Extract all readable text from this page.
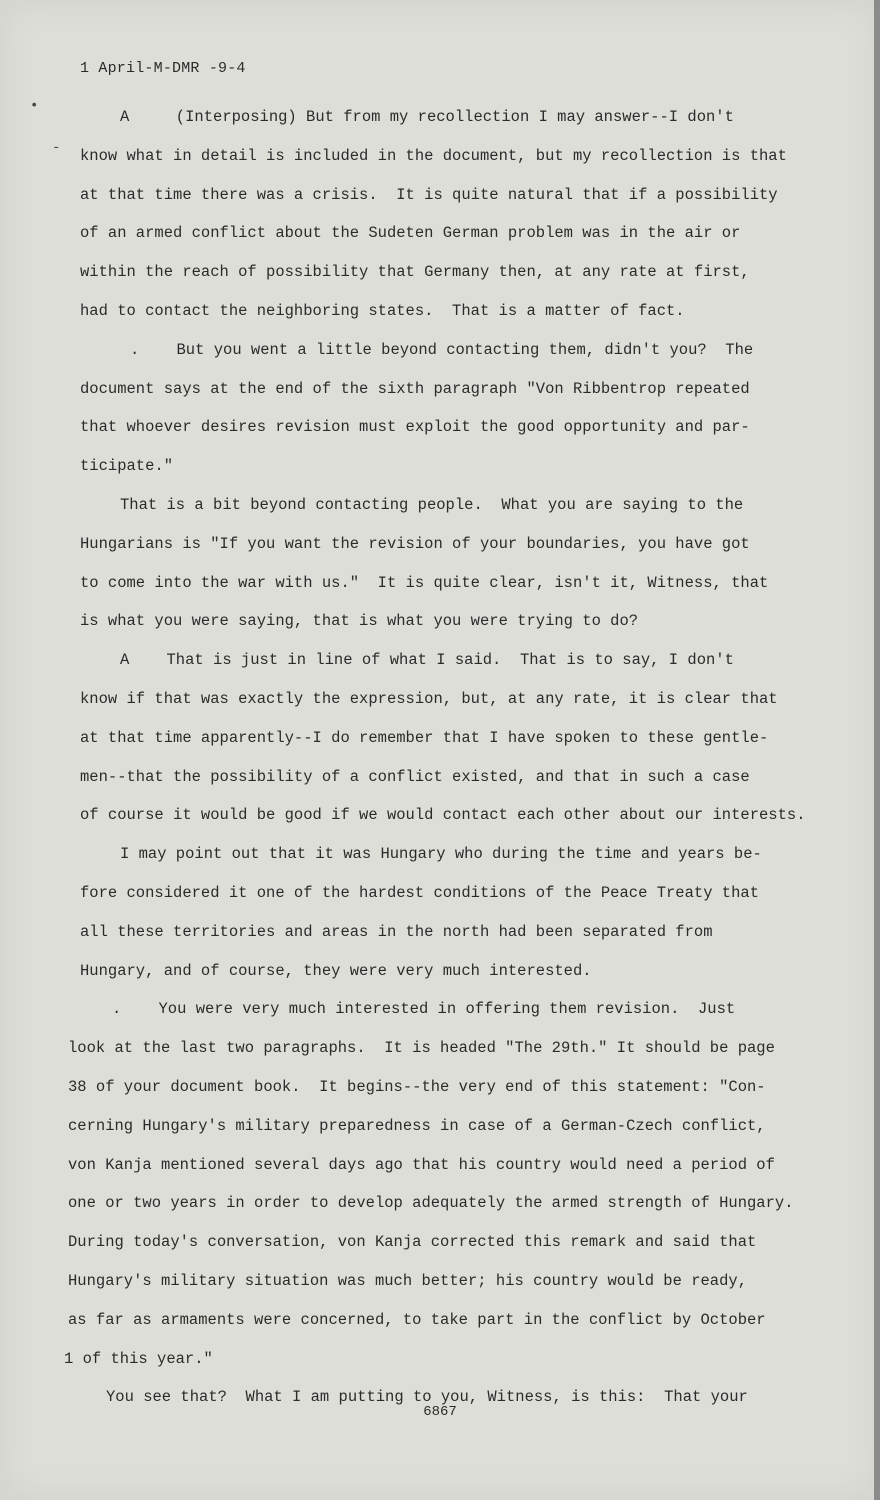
•
-
1 April-M-DMR -9-4

A     (Interposing) But from my recollection I may answer--I don't

know what in detail is included in the document, but my recollection is that

at that time there was a crisis.  It is quite natural that if a possibility

of an armed conflict about the Sudeten German problem was in the air or

within the reach of possibility that Germany then, at any rate at first,

had to contact the neighboring states.  That is a matter of fact.

.    But you went a little beyond contacting them, didn't you?  The

document says at the end of the sixth paragraph "Von Ribbentrop repeated

that whoever desires revision must exploit the good opportunity and par-

ticipate."

That is a bit beyond contacting people.  What you are saying to the

Hungarians is "If you want the revision of your boundaries, you have got

to come into the war with us."  It is quite clear, isn't it, Witness, that

is what you were saying, that is what you were trying to do?

A    That is just in line of what I said.  That is to say, I don't

know if that was exactly the expression, but, at any rate, it is clear that

at that time apparently--I do remember that I have spoken to these gentle-

men--that the possibility of a conflict existed, and that in such a case

of course it would be good if we would contact each other about our interests.

I may point out that it was Hungary who during the time and years be-

fore considered it one of the hardest conditions of the Peace Treaty that

all these territories and areas in the north had been separated from

Hungary, and of course, they were very much interested.

.    You were very much interested in offering them revision.  Just

look at the last two paragraphs.  It is headed "The 29th." It should be page

38 of your document book.  It begins--the very end of this statement: "Con-

cerning Hungary's military preparedness in case of a German-Czech conflict,

von Kanja mentioned several days ago that his country would need a period of

one or two years in order to develop adequately the armed strength of Hungary.

During today's conversation, von Kanja corrected this remark and said that

Hungary's military situation was much better; his country would be ready,

as far as armaments were concerned, to take part in the conflict by October

1 of this year."

You see that?  What I am putting to you, Witness, is this:  That your

6867
